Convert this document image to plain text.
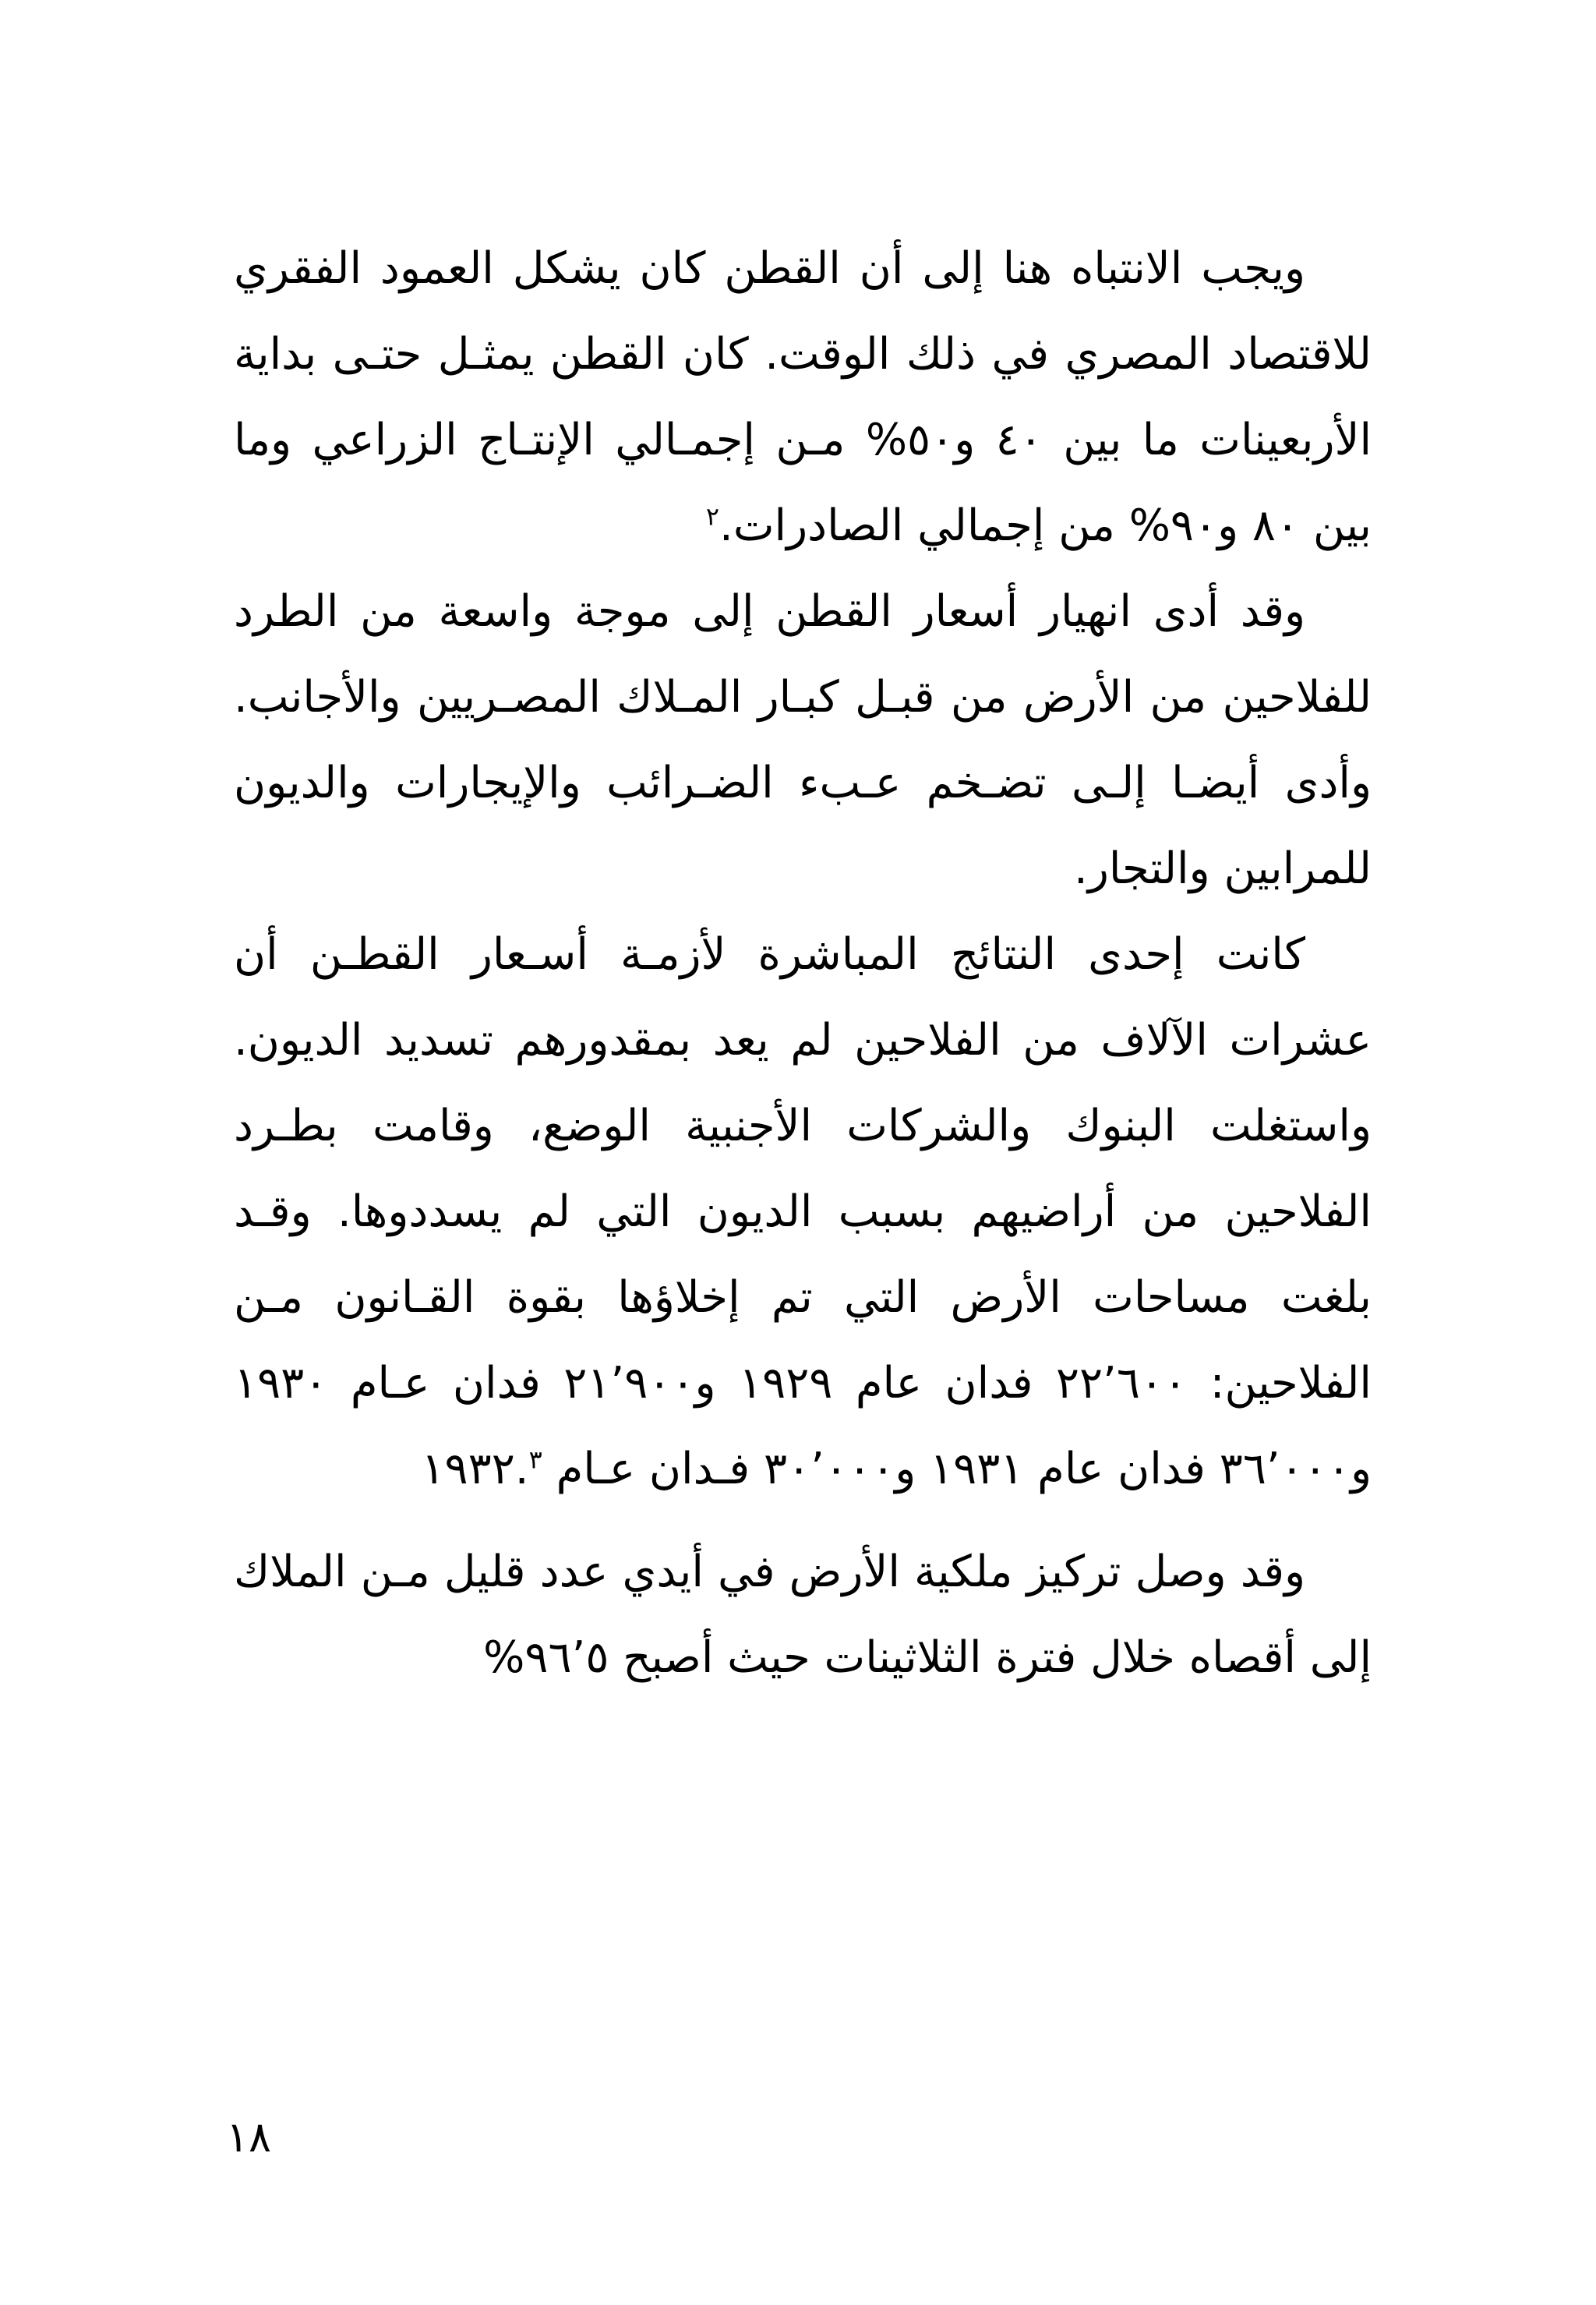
ويجب الانتباه هنا إلى أن القطن كان يشكل العمود الفقري للاقتصاد المصري في ذلك الوقت. كان القطن يمثـل حتـى بداية الأربعينات ما بين ٤٠ و٥٠% مـن إجمـالي الإنتـاج الزراعي وما بين ٨٠ و٩٠% من إجمالي الصادرات.$^٢$

وقد أدى انهيار أسعار القطن إلى موجة واسعة من الطرد للفلاحين من الأرض من قبـل كبـار المـلاك المصـريين والأجانب. وأدى أيضـا إلـى تضـخم عـبء الضـرائب والإيجارات والديون للمرابين والتجار.

كانت إحدى النتائج المباشرة لأزمـة أسـعار القطـن أن عشرات الآلاف من الفلاحين لم يعد بمقدورهم تسديد الديون. واستغلت البنوك والشركات الأجنبية الوضع، وقامت بطـرد الفلاحين من أراضيهم بسبب الديون التي لم يسددوها. وقـد بلغت مساحات الأرض التي تم إخلاؤها بقوة القـانون مـن الفلاحين: ٢٢٬٦٠٠ فدان عام ١٩٢٩ و٢١٬٩٠٠ فدان عـام ١٩٣٠ و٣٦٬٠٠٠ فدان عام ١٩٣١ و٣٠٬٠٠٠ فـدان عـام ١٩٣٢.$^٣$

وقد وصل تركيز ملكية الأرض في أيدي عدد قليل مـن الملاك إلى أقصاه خلال فترة الثلاثينات حيث أصبح ٩٦٬٥%

١٨
